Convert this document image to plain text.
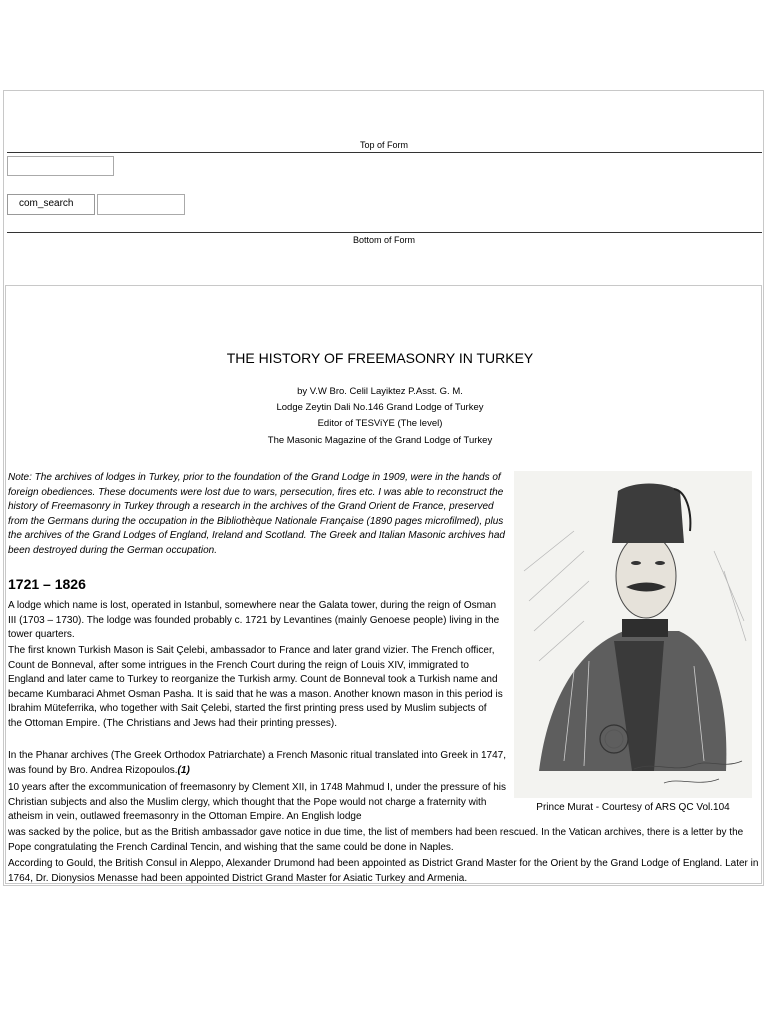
Top of Form
com_search
Bottom of Form
THE HISTORY OF FREEMASONRY IN TURKEY
by V.W Bro. Celil Layiktez P.Asst. G. M.
Lodge Zeytin Dali No.146 Grand Lodge of Turkey
Editor of TESViYE (The level)
The Masonic Magazine of the Grand Lodge of Turkey
Note: The archives of lodges in Turkey, prior to the foundation of the Grand Lodge in 1909, were in the hands of foreign obediences. These documents were lost due to wars, persecution, fires etc. I was able to reconstruct the history of Freemasonry in Turkey through a research in the archives of the Grand Orient de France, preserved from the Germans during the occupation in the Bibliothèque Nationale Française (1890 pages microfilmed), plus the archives of the Grand Lodges of England, Ireland and Scotland. The Greek and Italian Masonic archives had been destroyed during the German occupation.
Prince Murat - Courtesy of ARS QC Vol.104
1721 – 1826
A lodge which name is lost, operated in Istanbul, somewhere near the Galata tower, during the reign of Osman III (1703 – 1730). The lodge was founded probably c. 1721 by Levantines (mainly Genoese people) living in the tower quarters.
The first known Turkish Mason is Sait Çelebi, ambassador to France and later grand vizier. The French officer, Count de Bonneval, after some intrigues in the French Court during the reign of Louis XIV, immigrated to England and later came to Turkey to reorganize the Turkish army. Count de Bonneval took a Turkish name and became Kumbaraci Ahmet Osman Pasha. It is said that he was a mason. Another known mason in this period is Ibrahim Müteferrika, who together with Sait Çelebi, started the first printing press used by Muslim subjects of the Ottoman Empire. (The Christians and Jews had their printing presses).
In the Phanar archives (The Greek Orthodox Patriarchate) a French Masonic ritual translated into Greek in 1747, was found by Bro. Andrea Rizopoulos.(1)
10 years after the excommunication of freemasonry by Clement XII, in 1748 Mahmud I, under the pressure of his Christian subjects and also the Muslim clergy, which thought that the Pope would not charge a fraternity with atheism in vein, outlawed freemasonry in the Ottoman Empire. An English lodge
was sacked by the police, but as the British ambassador gave notice in due time, the list of members had been rescued. In the Vatican archives, there is a letter by the Pope congratulating the French Cardinal Tencin, and wishing that the same could be done in Naples.
According to Gould, the British Consul in Aleppo, Alexander Drumond had been appointed as District Grand Master for the Orient by the Grand Lodge of England. Later in 1764, Dr. Dionysios Menasse had been appointed District Grand Master for Asiatic Turkey and Armenia.
